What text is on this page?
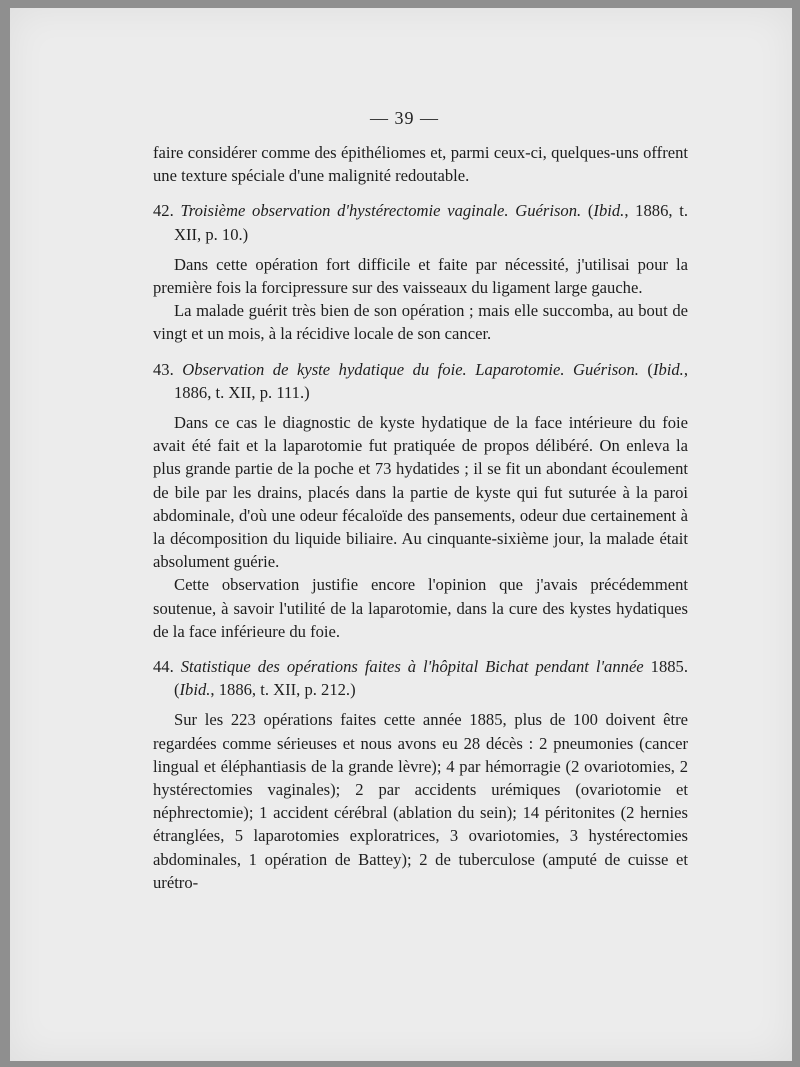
— 39 —

faire considérer comme des épithéliomes et, parmi ceux-ci, quelques-uns offrent une texture spéciale d'une malignité redoutable.

42. Troisième observation d'hystérectomie vaginale. Guérison. (Ibid., 1886, t. XII, p. 10.)

Dans cette opération fort difficile et faite par nécessité, j'utilisai pour la première fois la forcipressure sur des vaisseaux du ligament large gauche.

La malade guérit très bien de son opération ; mais elle succomba, au bout de vingt et un mois, à la récidive locale de son cancer.

43. Observation de kyste hydatique du foie. Laparotomie. Guérison. (Ibid., 1886, t. XII, p. 111.)

Dans ce cas le diagnostic de kyste hydatique de la face intérieure du foie avait été fait et la laparotomie fut pratiquée de propos délibéré. On enleva la plus grande partie de la poche et 73 hydatides ; il se fit un abondant écoulement de bile par les drains, placés dans la partie de kyste qui fut suturée à la paroi abdominale, d'où une odeur fécaloïde des pansements, odeur due certainement à la décomposition du liquide biliaire. Au cinquante-sixième jour, la malade était absolument guérie.

Cette observation justifie encore l'opinion que j'avais précédemment soutenue, à savoir l'utilité de la laparotomie, dans la cure des kystes hydatiques de la face inférieure du foie.

44. Statistique des opérations faites à l'hôpital Bichat pendant l'année 1885. (Ibid., 1886, t. XII, p. 212.)

Sur les 223 opérations faites cette année 1885, plus de 100 doivent être regardées comme sérieuses et nous avons eu 28 décès : 2 pneumonies (cancer lingual et éléphantiasis de la grande lèvre); 4 par hémorragie (2 ovariotomies, 2 hystérectomies vaginales); 2 par accidents urémiques (ovariotomie et néphrectomie); 1 accident cérébral (ablation du sein); 14 péritonites (2 hernies étranglées, 5 laparotomies exploratrices, 3 ovariotomies, 3 hystérectomies abdominales, 1 opération de Battey); 2 de tuberculose (amputé de cuisse et urétro-
